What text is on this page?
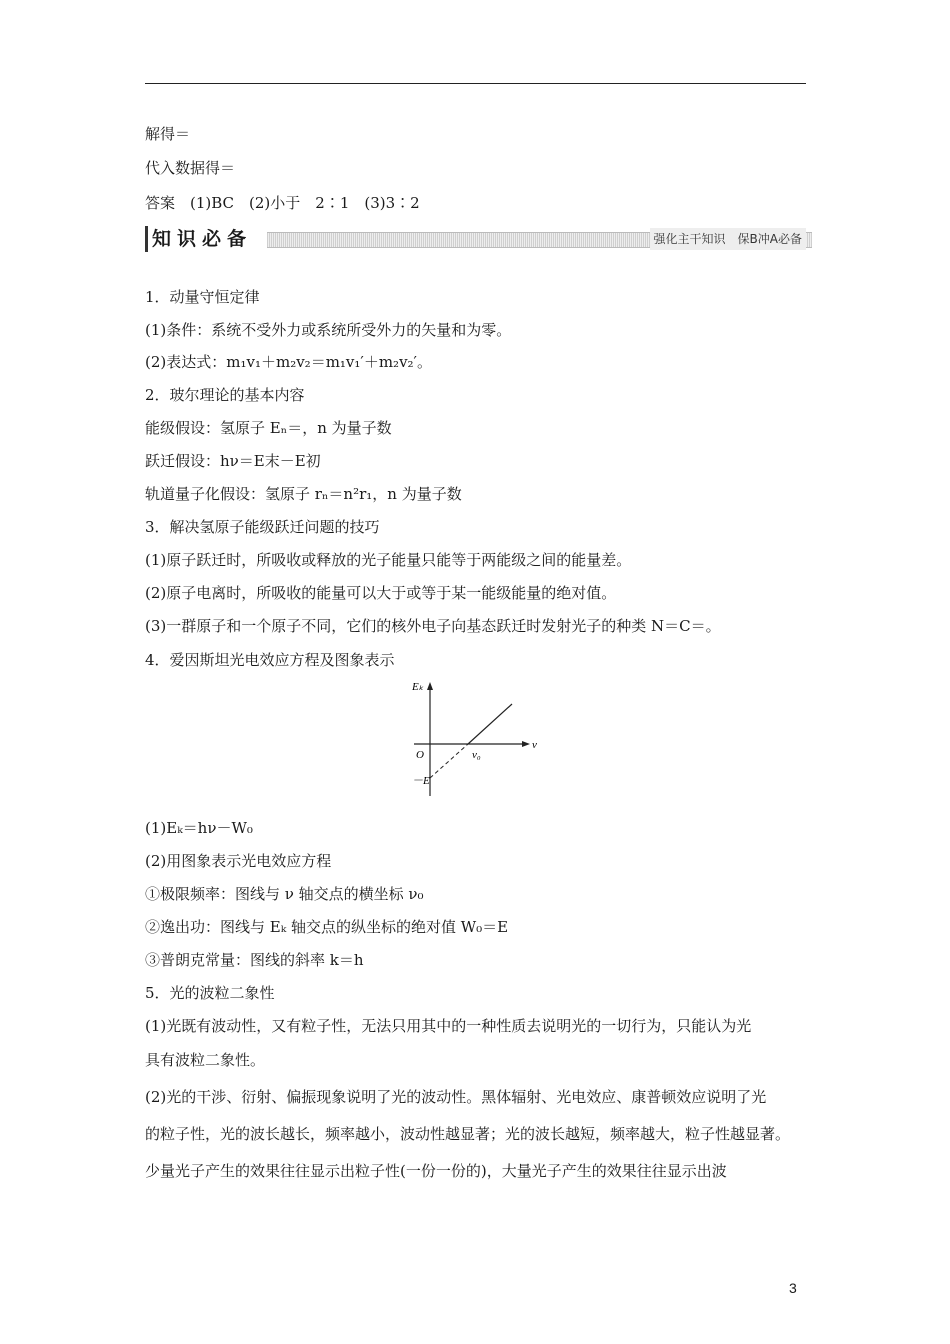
解得＝
代入数据得＝
答案　(1)BC　(2)小于　2∶1　(3)3∶2
知识必备	强化主干知识　保B冲A必备
1．动量守恒定律
(1)条件：系统不受外力或系统所受外力的矢量和为零。
(2)表达式：m₁v₁＋m₂v₂＝m₁v₁′＋m₂v₂′。
2．玻尔理论的基本内容
能级假设：氢原子 Eₙ＝，n 为量子数
跃迁假设：hν＝E末－E初
轨道量子化假设：氢原子 rₙ＝n²r₁，n 为量子数
3．解决氢原子能级跃迁问题的技巧
(1)原子跃迁时，所吸收或释放的光子能量只能等于两能级之间的能量差。
(2)原子电离时，所吸收的能量可以大于或等于某一能级能量的绝对值。
(3)一群原子和一个原子不同，它们的核外电子向基态跃迁时发射光子的种类 N＝C＝。
4．爱因斯坦光电效应方程及图象表示
Eₖ
ν
O	ν₀
－E
(1)Eₖ＝hν－W₀
(2)用图象表示光电效应方程
①极限频率：图线与 ν 轴交点的横坐标 ν₀
②逸出功：图线与 Eₖ 轴交点的纵坐标的绝对值 W₀＝E
③普朗克常量：图线的斜率 k＝h
5．光的波粒二象性
(1)光既有波动性，又有粒子性，无法只用其中的一种性质去说明光的一切行为，只能认为光
具有波粒二象性。
(2)光的干涉、衍射、偏振现象说明了光的波动性。黑体辐射、光电效应、康普顿效应说明了光
的粒子性，光的波长越长，频率越小，波动性越显著；光的波长越短，频率越大，粒子性越显著。
少量光子产生的效果往往显示出粒子性(一份一份的)，大量光子产生的效果往往显示出波
3
